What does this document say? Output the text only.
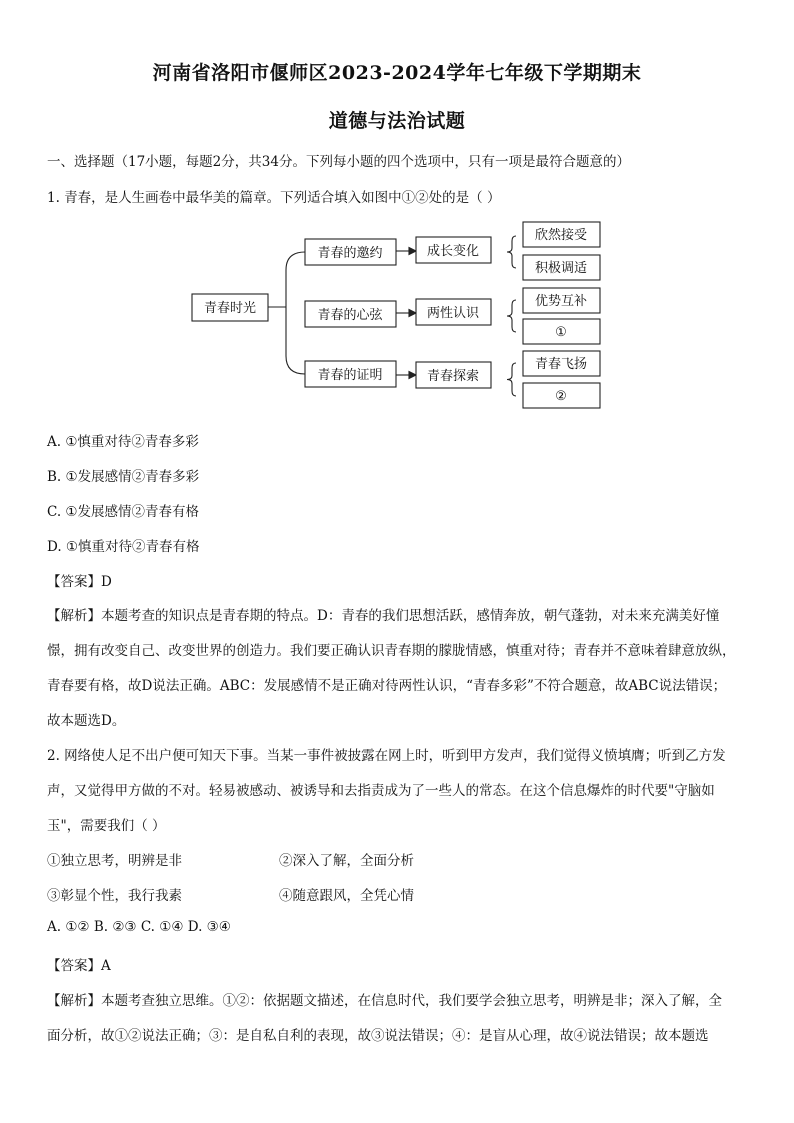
河南省洛阳市偃师区2023-2024学年七年级下学期期末
道德与法治试题
一、选择题（17小题，每题2分，共34分。下列每小题的四个选项中，只有一项是最符合题意的）
1. 青春，是人生画卷中最华美的篇章。下列适合填入如图中①②处的是（ ）
青春时光
青春的邀约	成长变化
欣然接受
积极调适
青春的心弦	两性认识
优势互补
①
青春的证明	青春探索
青春飞扬
②
A. ①慎重对待②青春多彩
B. ①发展感情②青春多彩
C. ①发展感情②青春有格
D. ①慎重对待②青春有格
【答案】D
【解析】本题考查的知识点是青春期的特点。D：青春的我们思想活跃，感情奔放，朝气蓬勃，对未来充满美好憧
憬，拥有改变自己、改变世界的创造力。我们要正确认识青春期的朦胧情感，慎重对待；青春并不意味着肆意放纵，
青春要有格，故D说法正确。ABC：发展感情不是正确对待两性认识，“青春多彩”不符合题意，故ABC说法错误；
故本题选D。
2. 网络使人足不出户便可知天下事。当某一事件被披露在网上时，听到甲方发声，我们觉得义愤填膺；听到乙方发
声，又觉得甲方做的不对。轻易被感动、被诱导和去指责成为了一些人的常态。在这个信息爆炸的时代要"守脑如
玉"，需要我们（ ）
①独立思考，明辨是非	②深入了解，全面分析
③彰显个性，我行我素	④随意跟风，全凭心情
A. ①② B. ②③ C. ①④ D. ③④
【答案】A
【解析】本题考查独立思维。①②：依据题文描述，在信息时代，我们要学会独立思考，明辨是非；深入了解，全
面分析，故①②说法正确；③：是自私自利的表现，故③说法错误；④：是盲从心理，故④说法错误；故本题选
